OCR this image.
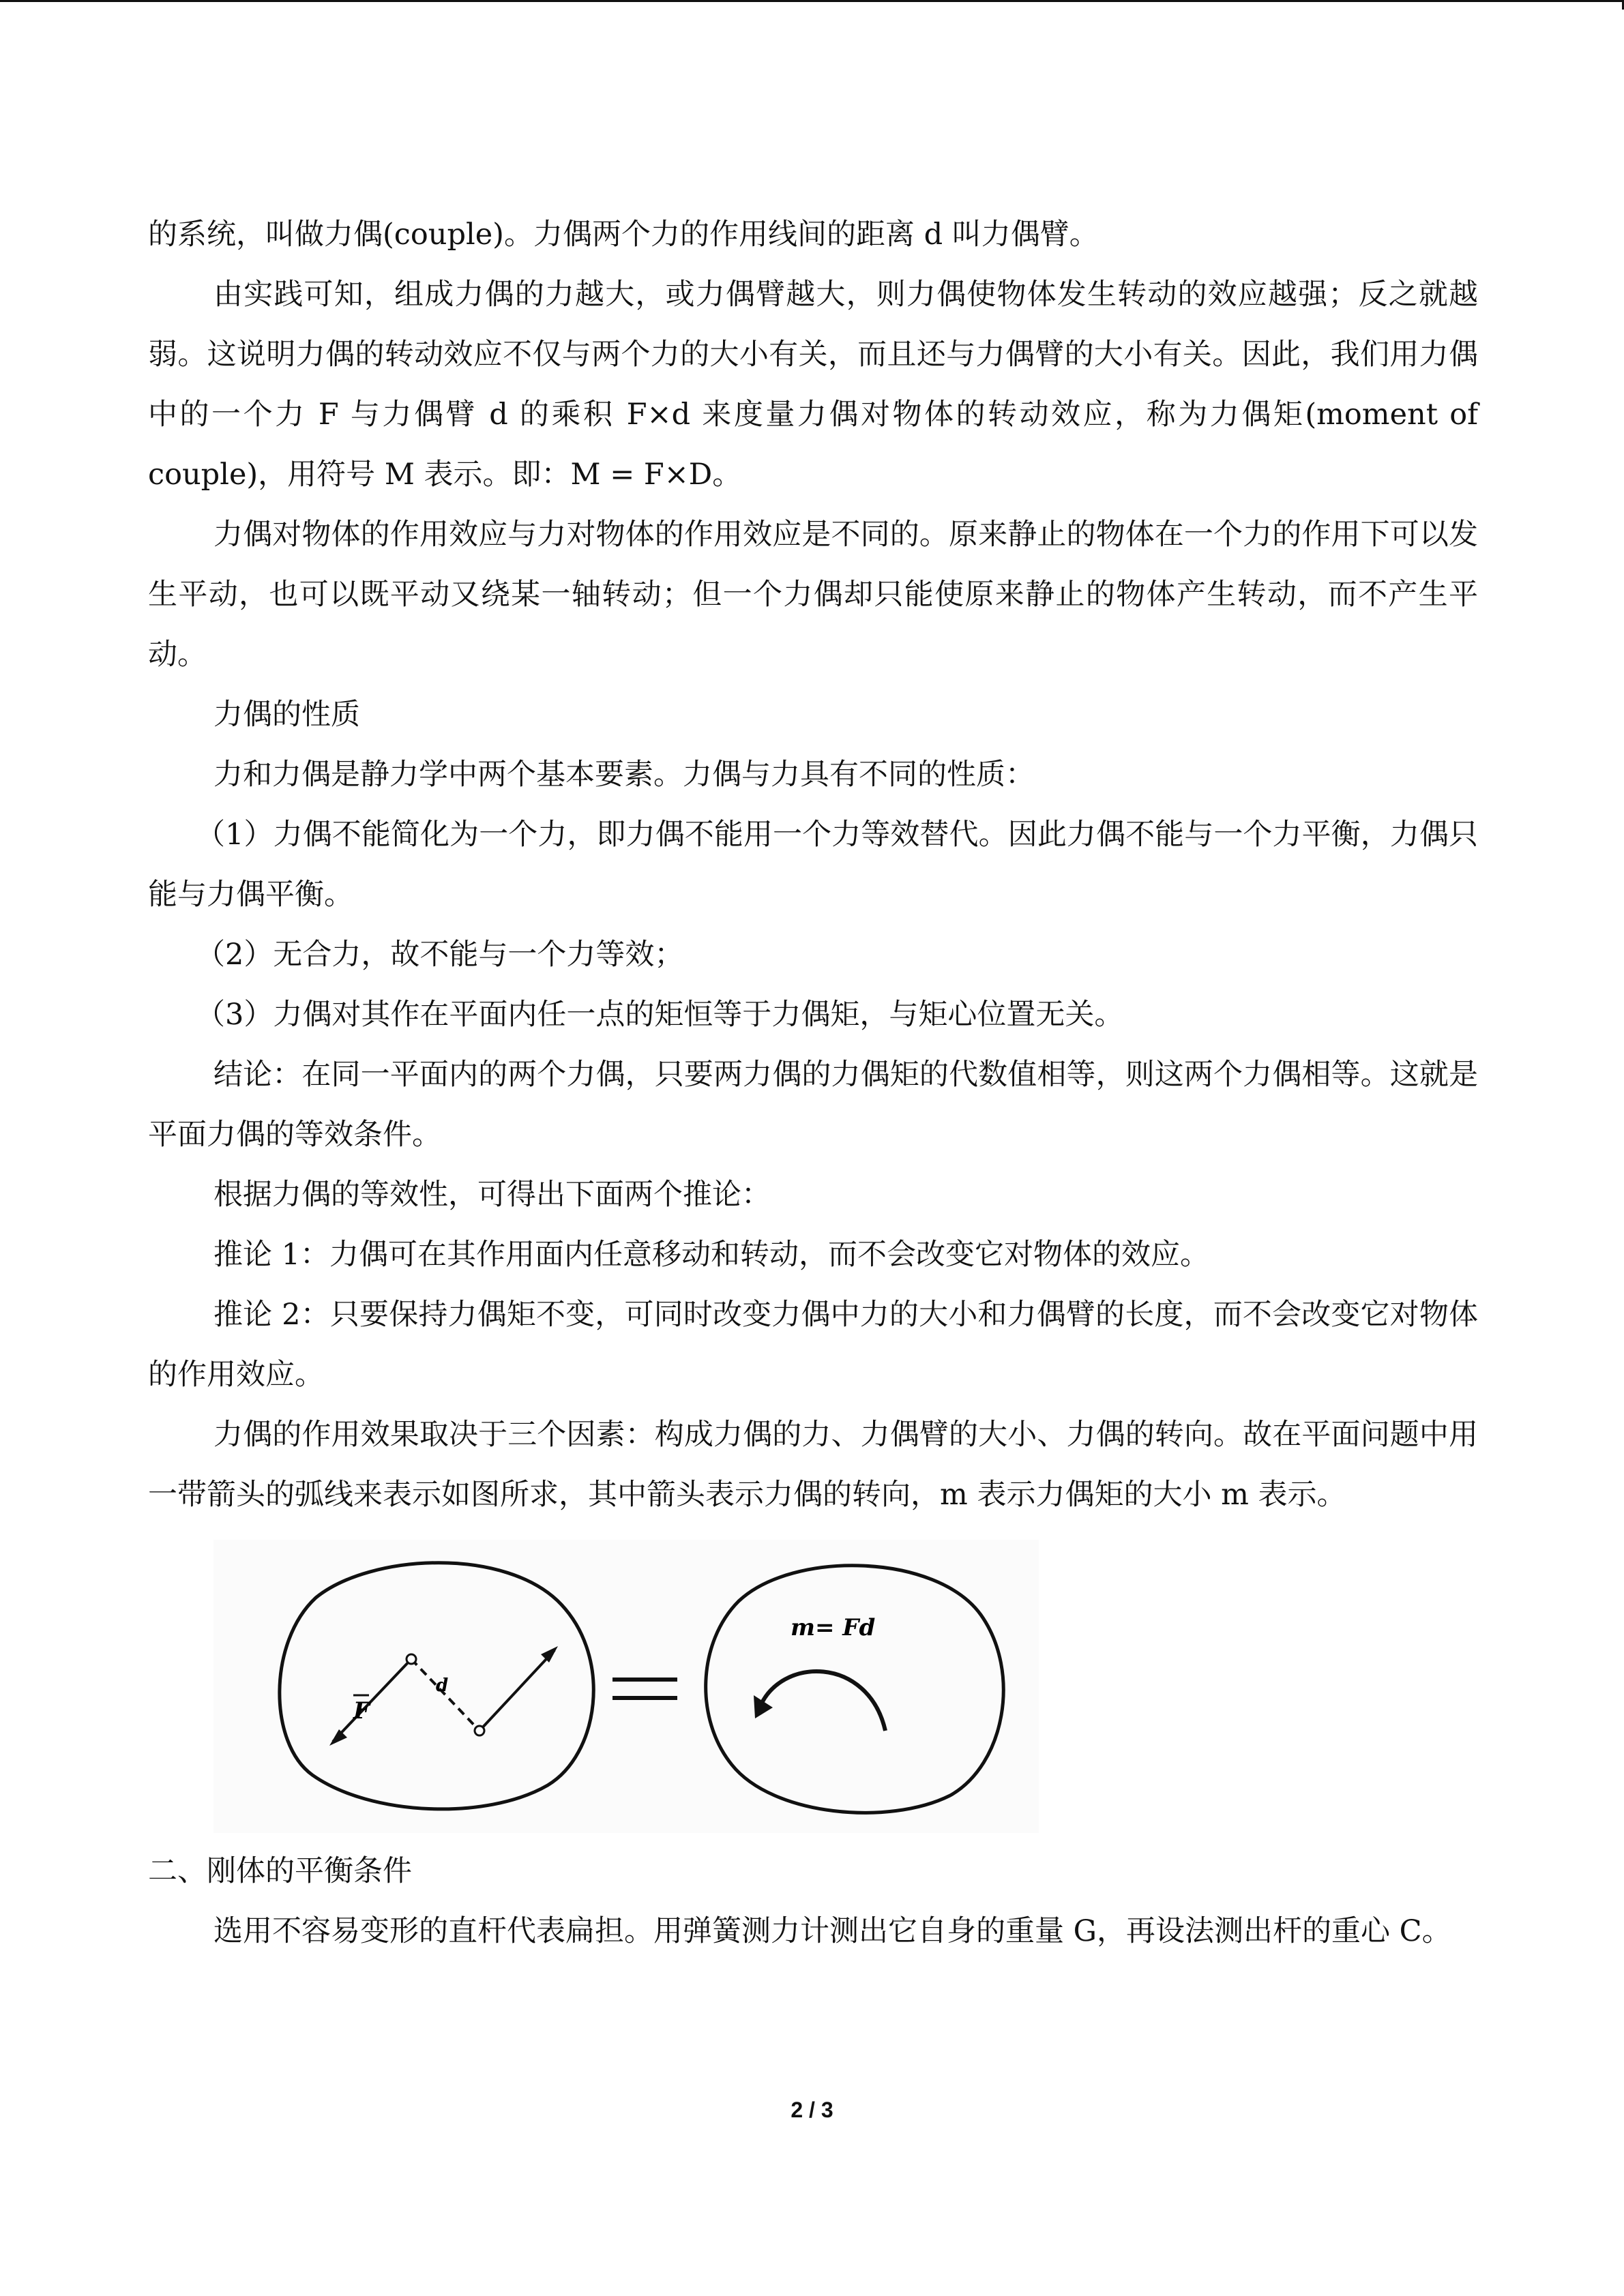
的系统，叫做力偶(couple)。力偶两个力的作用线间的距离 d 叫力偶臂。

由实践可知，组成力偶的力越大，或力偶臂越大，则力偶使物体发生转动的效应越强；反之就越弱。这说明力偶的转动效应不仅与两个力的大小有关，而且还与力偶臂的大小有关。因此，我们用力偶中的一个力 F 与力偶臂 d 的乘积 F×d 来度量力偶对物体的转动效应，称为力偶矩(moment of couple)，用符号 M 表示。即：M = F×D。

力偶对物体的作用效应与力对物体的作用效应是不同的。原来静止的物体在一个力的作用下可以发生平动，也可以既平动又绕某一轴转动；但一个力偶却只能使原来静止的物体产生转动，而不产生平动。

力偶的性质

力和力偶是静力学中两个基本要素。力偶与力具有不同的性质：

（1）力偶不能简化为一个力，即力偶不能用一个力等效替代。因此力偶不能与一个力平衡，力偶只能与力偶平衡。

（2）无合力，故不能与一个力等效；

（3）力偶对其作在平面内任一点的矩恒等于力偶矩，与矩心位置无关。

结论：在同一平面内的两个力偶，只要两力偶的力偶矩的代数值相等，则这两个力偶相等。这就是平面力偶的等效条件。

根据力偶的等效性，可得出下面两个推论：

推论 1：力偶可在其作用面内任意移动和转动，而不会改变它对物体的效应。

推论 2：只要保持力偶矩不变，可同时改变力偶中力的大小和力偶臂的长度，而不会改变它对物体的作用效应。

力偶的作用效果取决于三个因素：构成力偶的力、力偶臂的大小、力偶的转向。故在平面问题中用一带箭头的弧线来表示如图所求，其中箭头表示力偶的转向，m 表示力偶矩的大小 m 表示。

F
d
m= Fd

二、刚体的平衡条件

选用不容易变形的直杆代表扁担。用弹簧测力计测出它自身的重量 G，再设法测出杆的重心 C。

2 / 3
